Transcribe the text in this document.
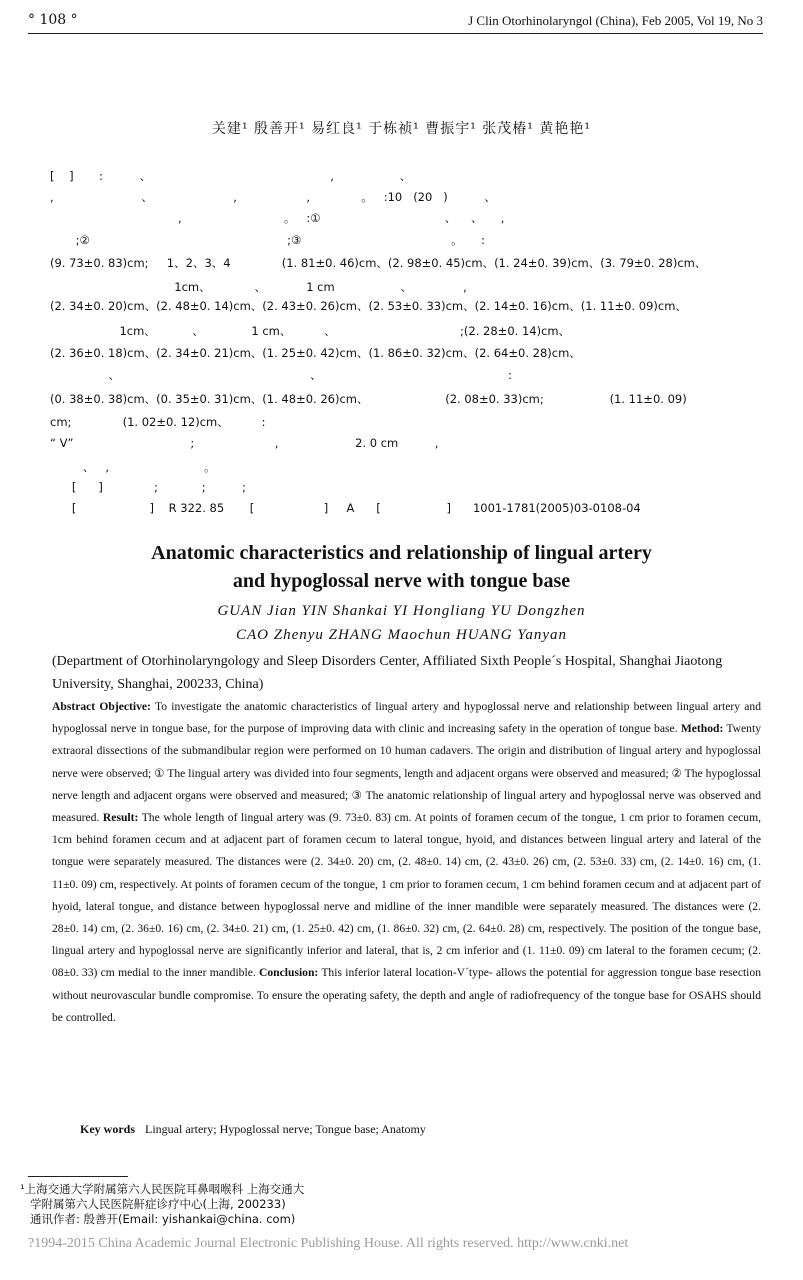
° 108 °	J Clin Otorhinolaryngol (China), Feb 2005, Vol 19, No 3
关建¹ 殷善开¹ 易红良¹ 于栋祯¹ 曹振宇¹ 张茂椿¹ 黄艳艳¹
[    ]       :          、                                                 ,                  、
,                        、                      ,                   ,              。   :10   (20   )          、
,                            。   :①                                  、    、     ,
;②                                                      ;③                                         。     :
(9. 73±0. 83)cm;     1、2、3、4              (1. 81±0. 46)cm、(2. 98±0. 45)cm、(1. 24±0. 39)cm、(3. 79±0. 28)cm、
1cm、            、           1 cm                  、              ,
(2. 34±0. 20)cm、(2. 48±0. 14)cm、(2. 43±0. 26)cm、(2. 53±0. 33)cm、(2. 14±0. 16)cm、(1. 11±0. 09)cm、
1cm、          、             1 cm、         、                                  ;(2. 28±0. 14)cm、
(2. 36±0. 18)cm、(2. 34±0. 21)cm、(1. 25±0. 42)cm、(1. 86±0. 32)cm、(2. 64±0. 28)cm、
、                                                    、                                                   :
(0. 38±0. 38)cm、(0. 35±0. 31)cm、(1. 48±0. 26)cm、                     (2. 08±0. 33)cm;                  (1. 11±0. 09)
cm;              (1. 02±0. 12)cm、         :
“ V”                                ;                      ,                     2. 0 cm          ,
、   ,                          。
[      ]              ;            ;          ;
[                    ]    R 322. 85       [                   ]     A      [                  ]      1001-1781(2005)03-0108-04
Anatomic characteristics and relationship of lingual artery
and hypoglossal nerve with tongue base
GUAN Jian YIN Shankai YI Hongliang YU Dongzhen
CAO Zhenyu ZHANG Maochun HUANG Yanyan
(Department of Otorhinolaryngology and Sleep Disorders Center, Affiliated Sixth People´s Hospital, Shanghai Jiaotong University, Shanghai, 200233, China)
Abstract Objective: To investigate the anatomic characteristics of lingual artery and hypoglossal nerve and relationship between lingual artery and hypoglossal nerve in tongue base, for the purpose of improving data with clinic and increasing safety in the operation of tongue base. Method: Twenty extraoral dissections of the submandibular region were performed on 10 human cadavers. The origin and distribution of lingual artery and hypoglossal nerve were observed; ① The lingual artery was divided into four segments, length and adjacent organs were observed and measured; ② The hypoglossal nerve length and adjacent organs were observed and measured; ③ The anatomic relationship of lingual artery and hypoglossal nerve was observed and measured. Result: The whole length of lingual artery was (9. 73±0. 83) cm. At points of foramen cecum of the tongue, 1 cm prior to foramen cecum, 1cm behind foramen cecum and at adjacent part of foramen cecum to lateral tongue, hyoid, and distances between lingual artery and lateral of the tongue were separately measured. The distances were (2. 34±0. 20) cm, (2. 48±0. 14) cm, (2. 43±0. 26) cm, (2. 53±0. 33) cm, (2. 14±0. 16) cm, (1. 11±0. 09) cm, respectively. At points of foramen cecum of the tongue, 1 cm prior to foramen cecum, 1 cm behind foramen cecum and at adjacent part of hyoid, lateral tongue, and distance between hypoglossal nerve and midline of the inner mandible were separately measured. The distances were (2. 28±0. 14) cm, (2. 36±0. 16) cm, (2. 34±0. 21) cm, (1. 25±0. 42) cm, (1. 86±0. 32) cm, (2. 64±0. 28) cm, respectively. The position of the tongue base, lingual artery and hypoglossal nerve are significantly inferior and lateral, that is, 2 cm inferior and (1. 11±0. 09) cm lateral to the foramen cecum; (2. 08±0. 33) cm medial to the inner mandible. Conclusion: This inferior lateral location-V´type- allows the potential for aggression tongue base resection without neurovascular bundle compromise. To ensure the operating safety, the depth and angle of radiofrequency of the tongue base for OSAHS should be controlled.
Key words Lingual artery; Hypoglossal nerve; Tongue base; Anatomy
¹上海交通大学附属第六人民医院耳鼻咽喉科 上海交通大
学附属第六人民医院鼾症诊疗中心(上海, 200233)
通讯作者: 殷善开(Email: yishankai@china. com)
?1994-2015 China Academic Journal Electronic Publishing House. All rights reserved. http://www.cnki.net
